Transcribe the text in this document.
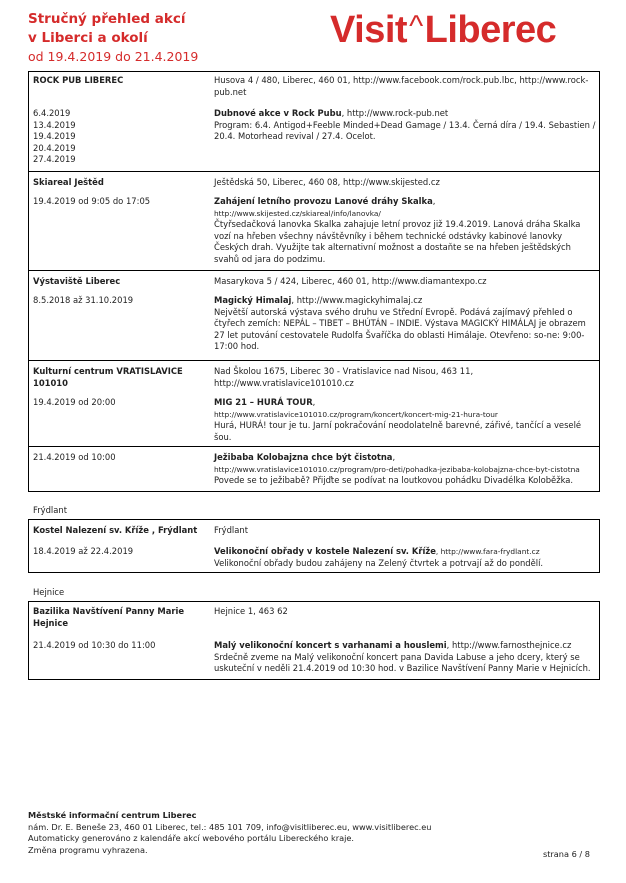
Stručný přehled akcí
v Liberci a okolí
od 19.4.2019 do 21.4.2019
Visit^Liberec
ROCK PUB LIBEREC
6.4.2019
13.4.2019
19.4.2019
20.4.2019
27.4.2019
Husova 4 / 480, Liberec, 460 01, http://www.facebook.com/rock.pub.lbc, http://www.rock-pub.net
Dubnové akce v Rock Pubu, http://www.rock-pub.net
Program: 6.4. Antigod+Feeble Minded+Dead Gamage / 13.4. Černá díra / 19.4. Sebastien / 20.4. Motorhead revival / 27.4. Ocelot.
Skiareal Ještěd
19.4.2019 od 9:05 do 17:05
Ještědská 50, Liberec, 460 08, http://www.skijested.cz
Zahájení letního provozu Lanové dráhy Skalka,
http://www.skijested.cz/skiareal/info/lanovka/
Čtyřsedačková lanovka Skalka zahajuje letní provoz již 19.4.2019. Lanová dráha Skalka vozí na hřeben všechny návštěvníky i během technické odstávky kabinové lanovky Českých drah. Využijte tak alternativní možnost a dostaňte se na hřeben ještědských svahů od jara do podzimu.
Výstaviště Liberec
8.5.2018 až 31.10.2019
Masarykova 5 / 424, Liberec, 460 01, http://www.diamantexpo.cz
Magický Himalaj, http://www.magickyhimalaj.cz
Největší autorská výstava svého druhu ve Střední Evropě. Podává zajímavý přehled o čtyřech zemích: NEPÁL – TIBET – BHÚTÁN – INDIE. Výstava MAGICKÝ HIMÁLAJ je obrazem 27 let putování cestovatele Rudolfa Švaříčka do oblasti Himálaje. Otevřeno: so-ne: 9:00-17:00 hod.
Kulturní centrum VRATISLAVICE 101010
19.4.2019 od 20:00
Nad Školou 1675, Liberec 30 - Vratislavice nad Nisou, 463 11, http://www.vratislavice101010.cz
MIG 21 – HURÁ TOUR,
http://www.vratislavice101010.cz/program/koncert/koncert-mig-21-hura-tour
Hurá, HURÁ! tour je tu. Jarní pokračování neodolatelně barevné, zářivé, tančící a veselé šou.
21.4.2019 od 10:00	Ježibaba Kolobajzna chce být čistotna,
http://www.vratislavice101010.cz/program/pro-deti/pohadka-jezibaba-kolobajzna-chce-byt-cistotna
Povede se to ježibabě? Přijďte se podívat na loutkovou pohádku Divadélka Koloběžka.
Frýdlant
Kostel Nalezení sv. Kříže , Frýdlant
18.4.2019 až 22.4.2019
Frýdlant
Velikonoční obřady v kostele Nalezení sv. Kříže, http://www.fara-frydlant.cz
Velikonoční obřady budou zahájeny na Zelený čtvrtek a potrvají až do pondělí.
Hejnice
Bazilika Navštívení Panny Marie Hejnice
21.4.2019 od 10:30 do 11:00
Hejnice 1, 463 62
Malý velikonoční koncert s varhanami a houslemi, http://www.farnosthejnice.cz
Srdečně zveme na Malý velikonoční koncert pana Davida Labuse a jeho dcery, který se uskuteční v neděli 21.4.2019 od 10:30 hod. v Bazilice Navštívení Panny Marie v Hejnicích.
Městské informační centrum Liberec
nám. Dr. E. Beneše 23, 460 01 Liberec, tel.: 485 101 709, info@visitliberec.eu, www.visitliberec.eu
Automaticky generováno z kalendáře akcí webového portálu Libereckého kraje.
Změna programu vyhrazena.	strana 6 / 8
